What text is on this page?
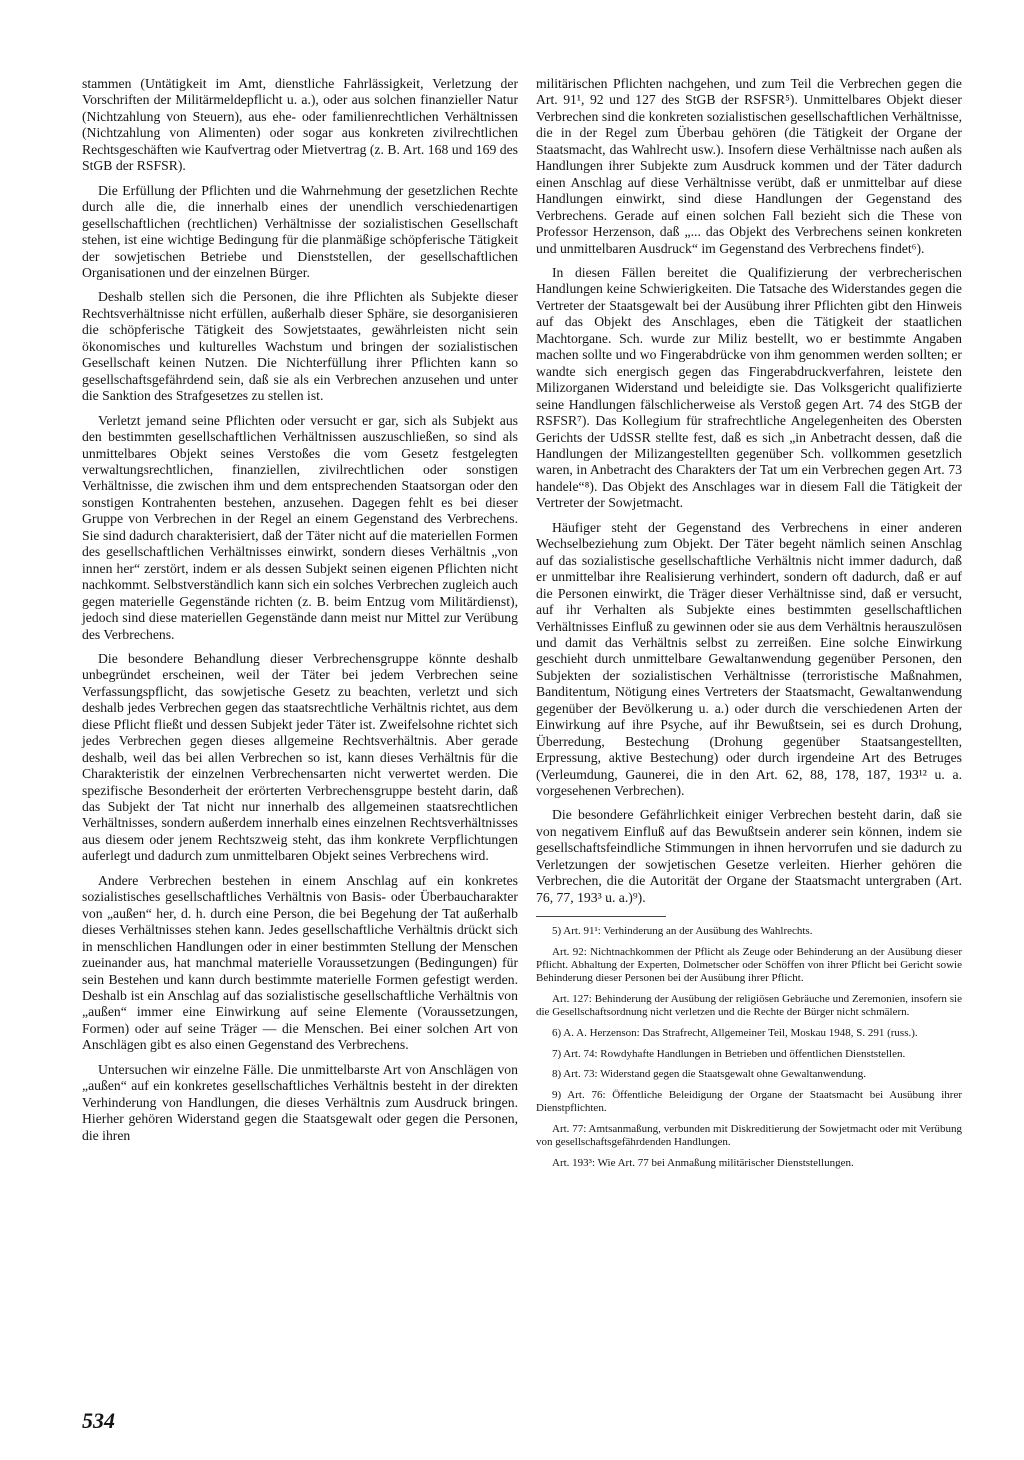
stammen (Untätigkeit im Amt, dienstliche Fahrlässigkeit, Verletzung der Vorschriften der Militärmeldepflicht u. a.), oder aus solchen finanzieller Natur (Nichtzahlung von Steuern), aus ehe- oder familienrechtlichen Verhältnissen (Nichtzahlung von Alimenten) oder sogar aus konkreten zivilrechtlichen Rechtsgeschäften wie Kaufvertrag oder Mietvertrag (z. B. Art. 168 und 169 des StGB der RSFSR).

Die Erfüllung der Pflichten und die Wahrnehmung der gesetzlichen Rechte durch alle die, die innerhalb eines der unendlich verschiedenartigen gesellschaftlichen (rechtlichen) Verhältnisse der sozialistischen Gesellschaft stehen, ist eine wichtige Bedingung für die planmäßige schöpferische Tätigkeit der sowjetischen Betriebe und Dienststellen, der gesellschaftlichen Organisationen und der einzelnen Bürger.

Deshalb stellen sich die Personen, die ihre Pflichten als Subjekte dieser Rechtsverhältnisse nicht erfüllen, außerhalb dieser Sphäre, sie desorganisieren die schöpferische Tätigkeit des Sowjetstaates, gewährleisten nicht sein ökonomisches und kulturelles Wachstum und bringen der sozialistischen Gesellschaft keinen Nutzen. Die Nichterfüllung ihrer Pflichten kann so gesellschaftsgefährdend sein, daß sie als ein Verbrechen anzusehen und unter die Sanktion des Strafgesetzes zu stellen ist.

Verletzt jemand seine Pflichten oder versucht er gar, sich als Subjekt aus den bestimmten gesellschaftlichen Verhältnissen auszuschließen, so sind als unmittelbares Objekt seines Verstoßes die vom Gesetz festgelegten verwaltungsrechtlichen, finanziellen, zivilrechtlichen oder sonstigen Verhältnisse, die zwischen ihm und dem entsprechenden Staatsorgan oder den sonstigen Kontrahenten bestehen, anzusehen. Dagegen fehlt es bei dieser Gruppe von Verbrechen in der Regel an einem Gegenstand des Verbrechens. Sie sind dadurch charakterisiert, daß der Täter nicht auf die materiellen Formen des gesellschaftlichen Verhältnisses einwirkt, sondern dieses Verhältnis „von innen her“ zerstört, indem er als dessen Subjekt seinen eigenen Pflichten nicht nachkommt. Selbstverständlich kann sich ein solches Verbrechen zugleich auch gegen materielle Gegenstände richten (z. B. beim Entzug vom Militärdienst), jedoch sind diese materiellen Gegenstände dann meist nur Mittel zur Verübung des Verbrechens.

Die besondere Behandlung dieser Verbrechensgruppe könnte deshalb unbegründet erscheinen, weil der Täter bei jedem Verbrechen seine Verfassungspflicht, das sowjetische Gesetz zu beachten, verletzt und sich deshalb jedes Verbrechen gegen das staatsrechtliche Verhältnis richtet, aus dem diese Pflicht fließt und dessen Subjekt jeder Täter ist. Zweifelsohne richtet sich jedes Verbrechen gegen dieses allgemeine Rechtsverhältnis. Aber gerade deshalb, weil das bei allen Verbrechen so ist, kann dieses Verhältnis für die Charakteristik der einzelnen Verbrechensarten nicht verwertet werden. Die spezifische Besonderheit der erörterten Verbrechensgruppe besteht darin, daß das Subjekt der Tat nicht nur innerhalb des allgemeinen staatsrechtlichen Verhältnisses, sondern außerdem innerhalb eines einzelnen Rechtsverhältnisses aus diesem oder jenem Rechtszweig steht, das ihm konkrete Verpflichtungen auferlegt und dadurch zum unmittelbaren Objekt seines Verbrechens wird.

Andere Verbrechen bestehen in einem Anschlag auf ein konkretes sozialistisches gesellschaftliches Verhältnis von Basis- oder Überbaucharakter von „außen“ her, d. h. durch eine Person, die bei Begehung der Tat außerhalb dieses Verhältnisses stehen kann. Jedes gesellschaftliche Verhältnis drückt sich in menschlichen Handlungen oder in einer bestimmten Stellung der Menschen zueinander aus, hat manchmal materielle Voraussetzungen (Bedingungen) für sein Bestehen und kann durch bestimmte materielle Formen gefestigt werden. Deshalb ist ein Anschlag auf das sozialistische gesellschaftliche Verhältnis von „außen“ immer eine Einwirkung auf seine Elemente (Voraussetzungen, Formen) oder auf seine Träger — die Menschen. Bei einer solchen Art von Anschlägen gibt es also einen Gegenstand des Verbrechens.

Untersuchen wir einzelne Fälle. Die unmittelbarste Art von Anschlägen von „außen“ auf ein konkretes gesellschaftliches Verhältnis besteht in der direkten Verhinderung von Handlungen, die dieses Verhältnis zum Ausdruck bringen. Hierher gehören Widerstand gegen die Staatsgewalt oder gegen die Personen, die ihren

militärischen Pflichten nachgehen, und zum Teil die Verbrechen gegen die Art. 91¹, 92 und 127 des StGB der RSFSR⁵). Unmittelbares Objekt dieser Verbrechen sind die konkreten sozialistischen gesellschaftlichen Verhältnisse, die in der Regel zum Überbau gehören (die Tätigkeit der Organe der Staatsmacht, das Wahlrecht usw.). Insofern diese Verhältnisse nach außen als Handlungen ihrer Subjekte zum Ausdruck kommen und der Täter dadurch einen Anschlag auf diese Verhältnisse verübt, daß er unmittelbar auf diese Handlungen einwirkt, sind diese Handlungen der Gegenstand des Verbrechens. Gerade auf einen solchen Fall bezieht sich die These von Professor Herzenson, daß „... das Objekt des Verbrechens seinen konkreten und unmittelbaren Ausdruck“ im Gegenstand des Verbrechens findet⁶).

In diesen Fällen bereitet die Qualifizierung der verbrecherischen Handlungen keine Schwierigkeiten. Die Tatsache des Widerstandes gegen die Vertreter der Staatsgewalt bei der Ausübung ihrer Pflichten gibt den Hinweis auf das Objekt des Anschlages, eben die Tätigkeit der staatlichen Machtorgane. Sch. wurde zur Miliz bestellt, wo er bestimmte Angaben machen sollte und wo Fingerabdrücke von ihm genommen werden sollten; er wandte sich energisch gegen das Fingerabdruckverfahren, leistete den Milizorganen Widerstand und beleidigte sie. Das Volksgericht qualifizierte seine Handlungen fälschlicherweise als Verstoß gegen Art. 74 des StGB der RSFSR⁷). Das Kollegium für strafrechtliche Angelegenheiten des Obersten Gerichts der UdSSR stellte fest, daß es sich „in Anbetracht dessen, daß die Handlungen der Milizangestellten gegenüber Sch. vollkommen gesetzlich waren, in Anbetracht des Charakters der Tat um ein Verbrechen gegen Art. 73 handele“⁸). Das Objekt des Anschlages war in diesem Fall die Tätigkeit der Vertreter der Sowjetmacht.

Häufiger steht der Gegenstand des Verbrechens in einer anderen Wechselbeziehung zum Objekt. Der Täter begeht nämlich seinen Anschlag auf das sozialistische gesellschaftliche Verhältnis nicht immer dadurch, daß er unmittelbar ihre Realisierung verhindert, sondern oft dadurch, daß er auf die Personen einwirkt, die Träger dieser Verhältnisse sind, daß er versucht, auf ihr Verhalten als Subjekte eines bestimmten gesellschaftlichen Verhältnisses Einfluß zu gewinnen oder sie aus dem Verhältnis herauszulösen und damit das Verhältnis selbst zu zerreißen. Eine solche Einwirkung geschieht durch unmittelbare Gewaltanwendung gegenüber Personen, den Subjekten der sozialistischen Verhältnisse (terroristische Maßnahmen, Banditentum, Nötigung eines Vertreters der Staatsmacht, Gewaltanwendung gegenüber der Bevölkerung u. a.) oder durch die verschiedenen Arten der Einwirkung auf ihre Psyche, auf ihr Bewußtsein, sei es durch Drohung, Überredung, Bestechung (Drohung gegenüber Staatsangestellten, Erpressung, aktive Bestechung) oder durch irgendeine Art des Betruges (Verleumdung, Gaunerei, die in den Art. 62, 88, 178, 187, 193¹² u. a. vorgesehenen Verbrechen).

Die besondere Gefährlichkeit einiger Verbrechen besteht darin, daß sie von negativem Einfluß auf das Bewußtsein anderer sein können, indem sie gesellschaftsfeindliche Stimmungen in ihnen hervorrufen und sie dadurch zu Verletzungen der sowjetischen Gesetze verleiten. Hierher gehören die Verbrechen, die die Autorität der Organe der Staatsmacht untergraben (Art. 76, 77, 193³ u. a.)⁹).

5) Art. 91¹: Verhinderung an der Ausübung des Wahlrechts.

Art. 92: Nichtnachkommen der Pflicht als Zeuge oder Behinderung an der Ausübung dieser Pflicht. Abhaltung der Experten, Dolmetscher oder Schöffen von ihrer Pflicht bei Gericht sowie Behinderung dieser Personen bei der Ausübung ihrer Pflicht.

Art. 127: Behinderung der Ausübung der religiösen Gebräuche und Zeremonien, insofern sie die Gesellschaftsordnung nicht verletzen und die Rechte der Bürger nicht schmälern.

6) A. A. Herzenson: Das Strafrecht, Allgemeiner Teil, Moskau 1948, S. 291 (russ.).

7) Art. 74: Rowdyhafte Handlungen in Betrieben und öffentlichen Dienststellen.

8) Art. 73: Widerstand gegen die Staatsgewalt ohne Gewaltanwendung.

9) Art. 76: Öffentliche Beleidigung der Organe der Staatsmacht bei Ausübung ihrer Dienstpflichten.

Art. 77: Amtsanmaßung, verbunden mit Diskreditierung der Sowjetmacht oder mit Verübung von gesellschaftsgefährdenden Handlungen.

Art. 193³: Wie Art. 77 bei Anmaßung militärischer Dienststellungen.

534
